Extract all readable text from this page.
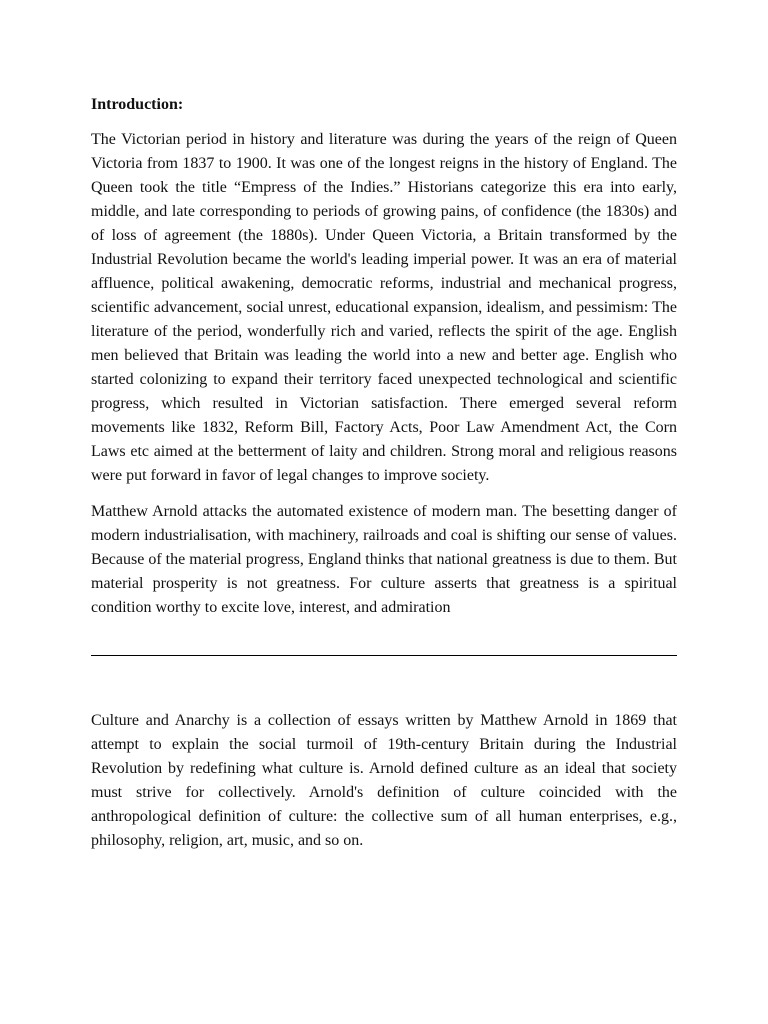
Introduction:

The Victorian period in history and literature was during the years of the reign of Queen Victoria from 1837 to 1900. It was one of the longest reigns in the history of England. The Queen took the title “Empress of the Indies.” Historians categorize this era into early, middle, and late corresponding to periods of growing pains, of confidence (the 1830s) and of loss of agreement (the 1880s). Under Queen Victoria, a Britain transformed by the Industrial Revolution became the world's leading imperial power. It was an era of material affluence, political awakening, democratic reforms, industrial and mechanical progress, scientific advancement, social unrest, educational expansion, idealism, and pessimism: The literature of the period, wonderfully rich and varied, reflects the spirit of the age. English men believed that Britain was leading the world into a new and better age. English who started colonizing to expand their territory faced unexpected technological and scientific progress, which resulted in Victorian satisfaction. There emerged several reform movements like 1832, Reform Bill, Factory Acts, Poor Law Amendment Act, the Corn Laws etc aimed at the betterment of laity and children. Strong moral and religious reasons were put forward in favor of legal changes to improve society.

Matthew Arnold attacks the automated existence of modern man. The besetting danger of modern industrialisation, with machinery, railroads and coal is shifting our sense of values. Because of the material progress, England thinks that national greatness is due to them. But material prosperity is not greatness. For culture asserts that greatness is a spiritual condition worthy to excite love, interest, and admiration

Culture and Anarchy is a collection of essays written by Matthew Arnold in 1869 that attempt to explain the social turmoil of 19th-century Britain during the Industrial Revolution by redefining what culture is. Arnold defined culture as an ideal that society must strive for collectively. Arnold's definition of culture coincided with the anthropological definition of culture: the collective sum of all human enterprises, e.g., philosophy, religion, art, music, and so on.
